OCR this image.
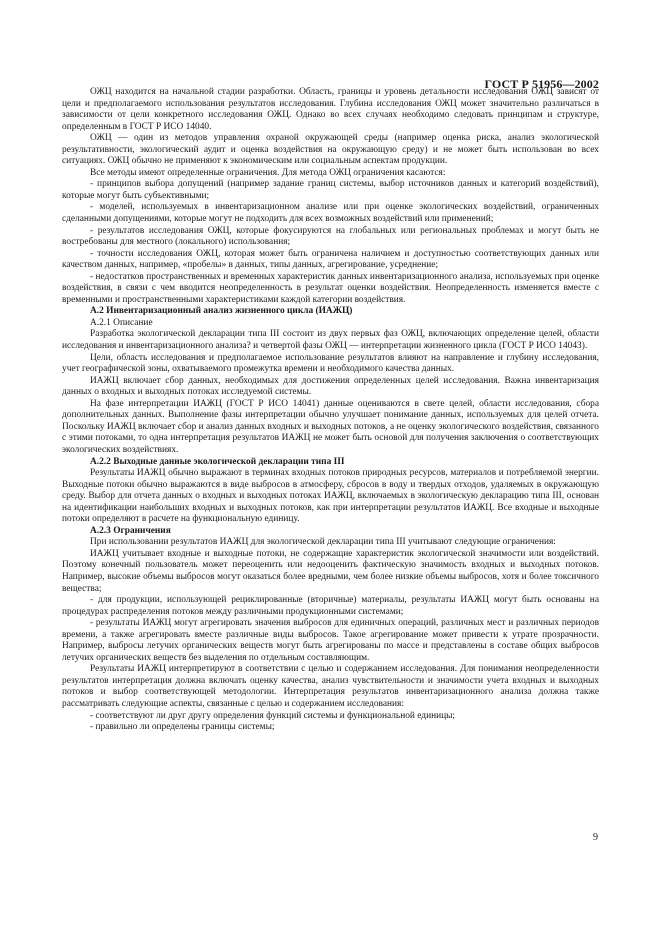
ГОСТ Р 51956—2002

ОЖЦ находится на начальной стадии разработки. Область, границы и уровень детальности исследования ОЖЦ зависят от цели и предполагаемого использования результатов исследования. Глубина исследования ОЖЦ может значительно различаться в зависимости от цели конкретного исследования ОЖЦ. Однако во всех случаях необходимо следовать принципам и структуре, определенным в ГОСТ Р ИСО 14040.

ОЖЦ — один из методов управления охраной окружающей среды (например оценка риска, анализ экологической результативности, экологический аудит и оценка воздействия на окружающую среду) и не может быть использован во всех ситуациях. ОЖЦ обычно не применяют к экономическим или социальным аспектам продукции.

Все методы имеют определенные ограничения. Для метода ОЖЦ ограничения касаются:

- принципов выбора допущений (например задание границ системы, выбор источников данных и категорий воздействий), которые могут быть субъективными;

- моделей, используемых в инвентаризационном анализе или при оценке экологических воздействий, ограниченных сделанными допущениями, которые могут не подходить для всех возможных воздействий или применений;

- результатов исследования ОЖЦ, которые фокусируются на глобальных или региональных проблемах и могут быть не востребованы для местного (локального) использования;

- точности исследования ОЖЦ, которая может быть ограничена наличием и доступностью соответствующих данных или качеством данных, например, «пробелы» в данных, типы данных, агрегирование, усреднение;

- недостатков пространственных и временных характеристик данных инвентаризационного анализа, используемых при оценке воздействия, в связи с чем вводится неопределенность в результат оценки воздействия. Неопределенность изменяется вместе с временными и пространственными характеристиками каждой категории воздействия.

А.2 Инвентаризационный анализ жизненного цикла (ИАЖЦ)
А.2.1 Описание

Разработка экологической декларации типа III состоит из двух первых фаз ОЖЦ, включающих определение целей, области исследования и инвентаризационного анализа? и четвертой фазы ОЖЦ — интерпретации жизненного цикла (ГОСТ Р ИСО 14043).

Цели, область исследования и предполагаемое использование результатов влияют на направление и глубину исследования, учет географической зоны, охватываемого промежутка времени и необходимого качества данных.

ИАЖЦ включает сбор данных, необходимых для достижения определенных целей исследования. Важна инвентаризация данных о входных и выходных потоках исследуемой системы.

На фазе интерпретации ИАЖЦ (ГОСТ Р ИСО 14041) данные оцениваются в свете целей, области исследования, сбора дополнительных данных. Выполнение фазы интерпретации обычно улучшает понимание данных, используемых для целей отчета. Поскольку ИАЖЦ включает сбор и анализ данных входных и выходных потоков, а не оценку экологического воздействия, связанного с этими потоками, то одна интерпретация результатов ИАЖЦ не может быть основой для получения заключения о соответствующих экологических воздействиях.

А.2.2 Выходные данные экологической декларации типа III

Результаты ИАЖЦ обычно выражают в терминах входных потоков природных ресурсов, материалов и потребляемой энергии. Выходные потоки обычно выражаются в виде выбросов в атмосферу, сбросов в воду и твердых отходов, удаляемых в окружающую среду. Выбор для отчета данных о входных и выходных потоках ИАЖЦ, включаемых в экологическую декларацию типа III, основан на идентификации наибольших входных и выходных потоков, как при интерпретации результатов ИАЖЦ. Все входные и выходные потоки определяют в расчете на функциональную единицу.

А.2.3 Ограничения

При использовании результатов ИАЖЦ для экологической декларации типа III учитывают следующие ограничения:

ИАЖЦ учитывает входные и выходные потоки, не содержащие характеристик экологической значимости или воздействий. Поэтому конечный пользователь может переоценить или недооценить фактическую значимость входных и выходных потоков. Например, высокие объемы выбросов могут оказаться более вредными, чем более низкие объемы выбросов, хотя и более токсичного вещества;

- для продукции, использующей рециклированные (вторичные) материалы, результаты ИАЖЦ могут быть основаны на процедурах распределения потоков между различными продукционными системами;

- результаты ИАЖЦ могут агрегировать значения выбросов для единичных операций, различных мест и различных периодов времени, а также агрегировать вместе различные виды выбросов. Такое агрегирование может привести к утрате прозрачности. Например, выбросы летучих органических веществ могут быть агрегированы по массе и представлены в составе общих выбросов летучих органических веществ без выделения по отдельным составляющим.

Результаты ИАЖЦ интерпретируют в соответствии с целью и содержанием исследования. Для понимания неопределенности результатов интерпретация должна включать оценку качества, анализ чувствительности и значимости учета входных и выходных потоков и выбор соответствующей методологии. Интерпретация результатов инвентаризационного анализа должна также рассматривать следующие аспекты, связанные с целью и содержанием исследования:

- соответствуют ли друг другу определения функций системы и функциональной единицы;

- правильно ли определены границы системы;

9
